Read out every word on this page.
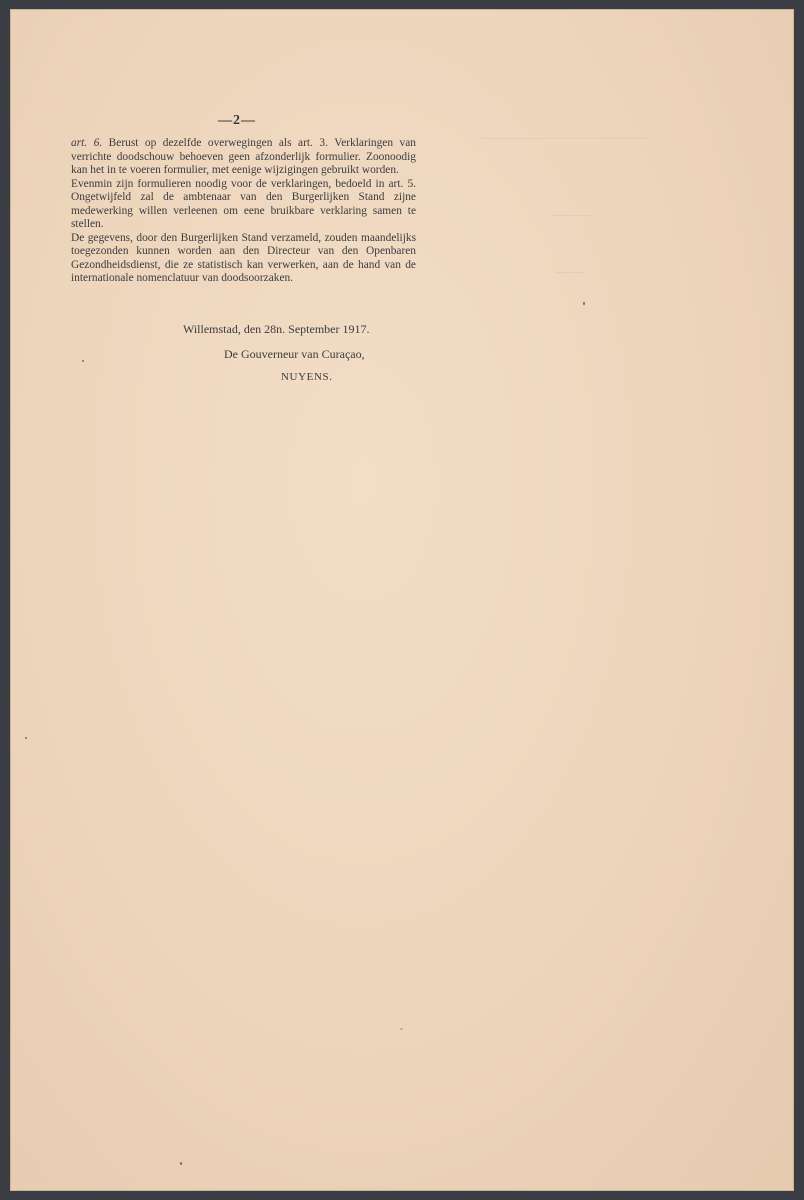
—2—

art. 6. Berust op dezelfde overwegingen als art. 3. Verklaringen van verrichte doodschouw behoeven geen afzonderlijk formulier. Zoonoodig kan het in te voeren formulier, met eenige wijzigingen gebruikt worden.

Evenmin zijn formulieren noodig voor de verklaringen, bedoeld in art. 5. Ongetwijfeld zal de ambtenaar van den Burgerlijken Stand zijne medewerking willen verleenen om eene bruikbare verklaring samen te stellen.

De gegevens, door den Burgerlijken Stand verzameld, zouden maandelijks toegezonden kunnen worden aan den Directeur van den Openbaren Gezondheidsdienst, die ze statistisch kan verwerken, aan de hand van de internationale nomenclatuur van doodsoorzaken.

Willemstad, den 28n. September 1917.
De Gouverneur van Curaçao,
NUYENS.
